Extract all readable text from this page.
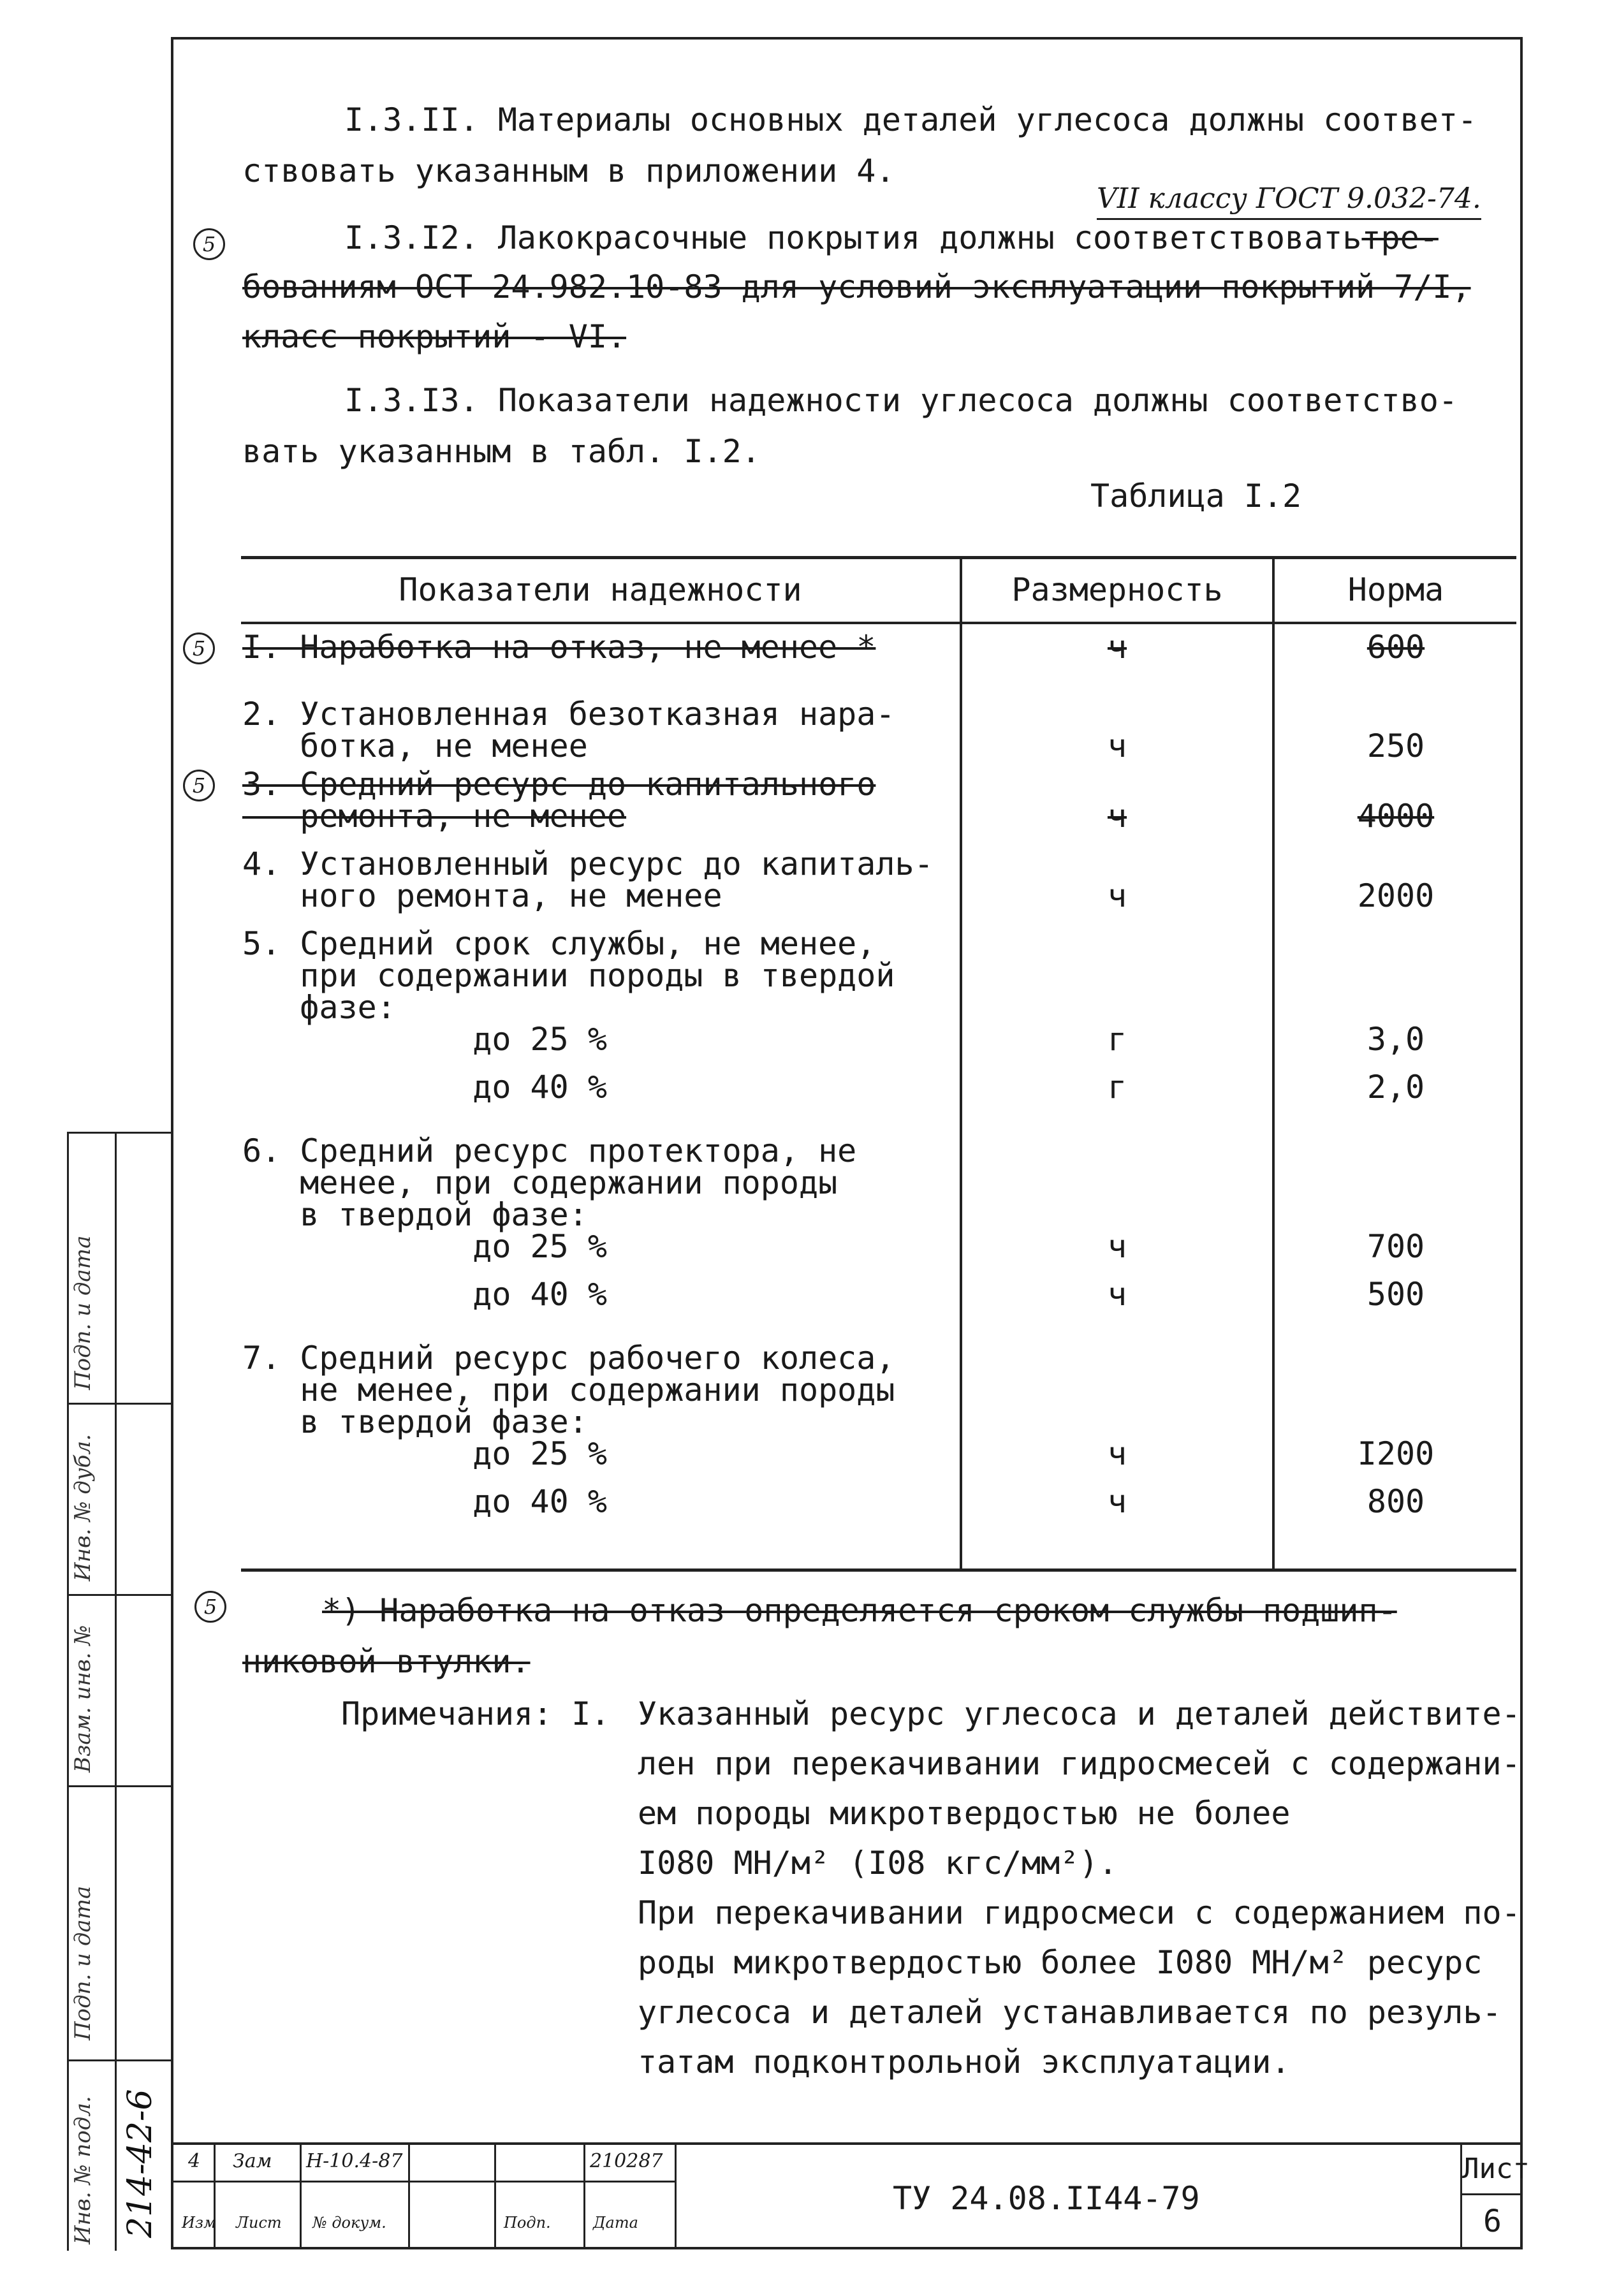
Подп. и дата
Инв. № дубл.
Взам. инв. №
Подп. и дата
Инв. № подл. 214-42-6
I.3.II. Материалы основных деталей углесоса должны соответ-
ствовать указанным в приложении 4.
VII классу ГОСТ 9.032-74.
5	I.3.I2. Лакокрасочные покрытия должны соответствоватьтре-
бованиям ОСТ 24.982.10-83 для условий эксплуатации покрытий 7/I,
класс покрытий - VI.
I.3.I3. Показатели надежности углесоса должны соответство-
вать указанным в табл. I.2.
Таблица I.2
Показатели надежности	Размерность	Норма
I. Наработка на отказ, не менее *	ч	600
5
2. Установленная безотказная нара-
ботка, не менее	ч	250
3. Средний ресурс до капитального
ремонта, не менее	ч	4000
5
4. Установленный ресурс до капиталь-
ного ремонта, не менее	ч	2000
5. Средний срок службы, не менее,
при содержании породы в твердой
фазе:
до 25 %	г	3,0
до 40 %	г	2,0
6. Средний ресурс протектора, не
менее, при содержании породы
в твердой фазе:
до 25 %	ч	700
до 40 %	ч	500
7. Средний ресурс рабочего колеса,
не менее, при содержании породы
в твердой фазе:
до 25 %	ч	I200
до 40 %	ч	800
5	*) Наработка на отказ определяется сроком службы подшип-
никовой втулки.
Примечания: I. Указанный ресурс углесоса и деталей действите-
лен при перекачивании гидросмесей с содержани-
ем породы микротвердостью не более
I080 МН/м² (I08 кгс/мм²).
При перекачивании гидросмеси с содержанием по-
роды микротвердостью более I080 МН/м² ресурс
углесоса и деталей устанавливается по резуль-
татам подконтрольной эксплуатации.
4 Зам Н-10.4-87	210287
Изм Лист № докум.	Подп.	Дата
ТУ 24.08.II44-79
Лист
6
